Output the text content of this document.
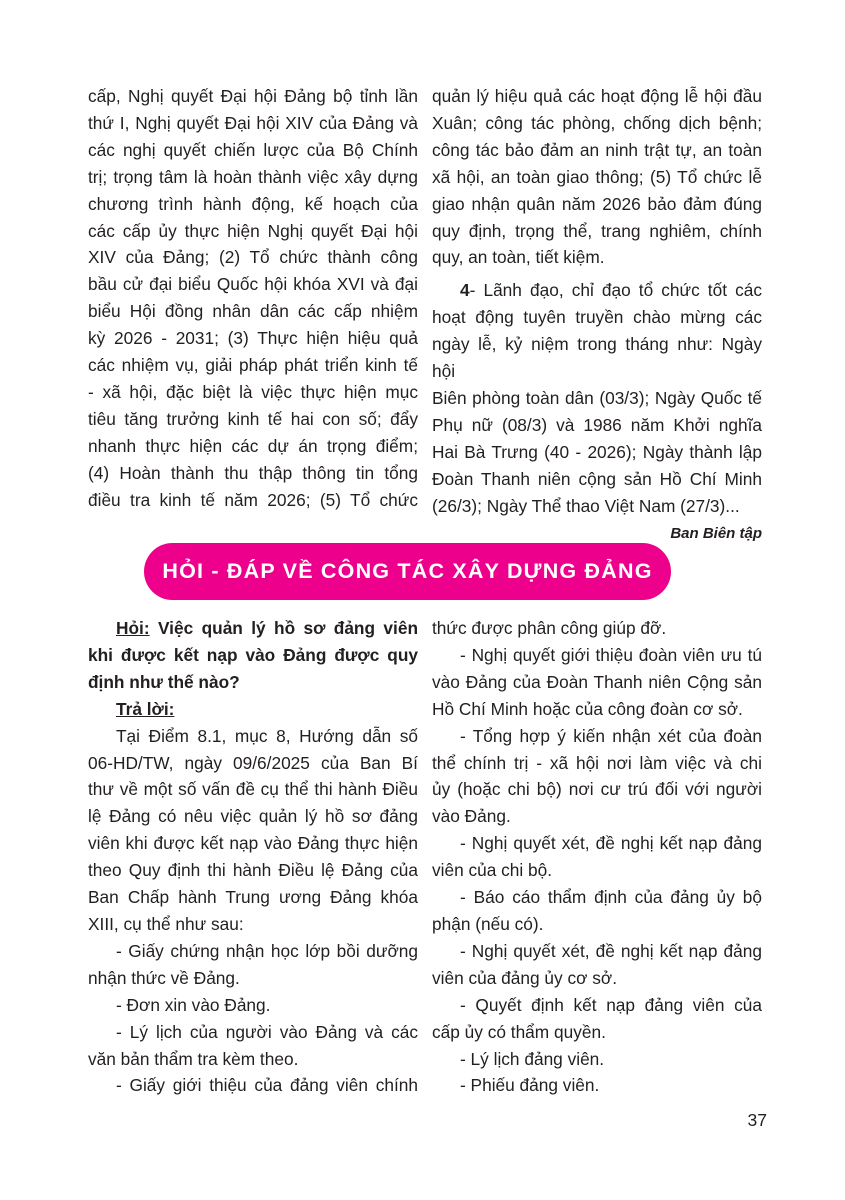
cấp, Nghị quyết Đại hội Đảng bộ tỉnh lần
thứ I, Nghị quyết Đại hội XIV của Đảng và
các nghị quyết chiến lược của Bộ Chính
trị; trọng tâm là hoàn thành việc xây dựng
chương trình hành động, kế hoạch của
các cấp ủy thực hiện Nghị quyết Đại hội
XIV của Đảng; (2) Tổ chức thành công
bầu cử đại biểu Quốc hội khóa XVI và đại
biểu Hội đồng nhân dân các cấp nhiệm
kỳ 2026 - 2031; (3) Thực hiện hiệu quả
các nhiệm vụ, giải pháp phát triển kinh tế
- xã hội, đặc biệt là việc thực hiện mục
tiêu tăng trưởng kinh tế hai con số; đẩy
nhanh thực hiện các dự án trọng điểm;
(4) Hoàn thành thu thập thông tin tổng
điều tra kinh tế năm 2026; (5) Tổ chức

quản lý hiệu quả các hoạt động lễ hội đầu
Xuân; công tác phòng, chống dịch bệnh;
công tác bảo đảm an ninh trật tự, an toàn
xã hội, an toàn giao thông; (5) Tổ chức lễ
giao nhận quân năm 2026 bảo đảm đúng
quy định, trọng thể, trang nghiêm, chính
quy, an toàn, tiết kiệm.

4- Lãnh đạo, chỉ đạo tổ chức tốt các
hoạt động tuyên truyền chào mừng các
ngày lễ, kỷ niệm trong tháng như: Ngày hội
Biên phòng toàn dân (03/3); Ngày Quốc tế
Phụ nữ (08/3) và 1986 năm Khởi nghĩa
Hai Bà Trưng (40 - 2026); Ngày thành lập
Đoàn Thanh niên cộng sản Hồ Chí Minh
(26/3); Ngày Thể thao Việt Nam (27/3)...

Ban Biên tập

HỎI - ĐÁP VỀ CÔNG TÁC XÂY DỰNG ĐẢNG

Hỏi: Việc quản lý hồ sơ đảng viên
khi được kết nạp vào Đảng được quy
định như thế nào?

Trả lời:

Tại Điểm 8.1, mục 8, Hướng dẫn số
06-HD/TW, ngày 09/6/2025 của Ban Bí
thư về một số vấn đề cụ thể thi hành Điều
lệ Đảng có nêu việc quản lý hồ sơ đảng
viên khi được kết nạp vào Đảng thực hiện
theo Quy định thi hành Điều lệ Đảng của
Ban Chấp hành Trung ương Đảng khóa
XIII, cụ thể như sau:

- Giấy chứng nhận học lớp bồi dưỡng
nhận thức về Đảng.

- Đơn xin vào Đảng.

- Lý lịch của người vào Đảng và các
văn bản thẩm tra kèm theo.

- Giấy giới thiệu của đảng viên chính

thức được phân công giúp đỡ.

- Nghị quyết giới thiệu đoàn viên ưu tú
vào Đảng của Đoàn Thanh niên Cộng sản
Hồ Chí Minh hoặc của công đoàn cơ sở.

- Tổng hợp ý kiến nhận xét của đoàn
thể chính trị - xã hội nơi làm việc và chi
ủy (hoặc chi bộ) nơi cư trú đối với người
vào Đảng.

- Nghị quyết xét, đề nghị kết nạp đảng
viên của chi bộ.

- Báo cáo thẩm định của đảng ủy bộ
phận (nếu có).

- Nghị quyết xét, đề nghị kết nạp đảng
viên của đảng ủy cơ sở.

- Quyết định kết nạp đảng viên của
cấp ủy có thẩm quyền.

- Lý lịch đảng viên.

- Phiếu đảng viên.

37
